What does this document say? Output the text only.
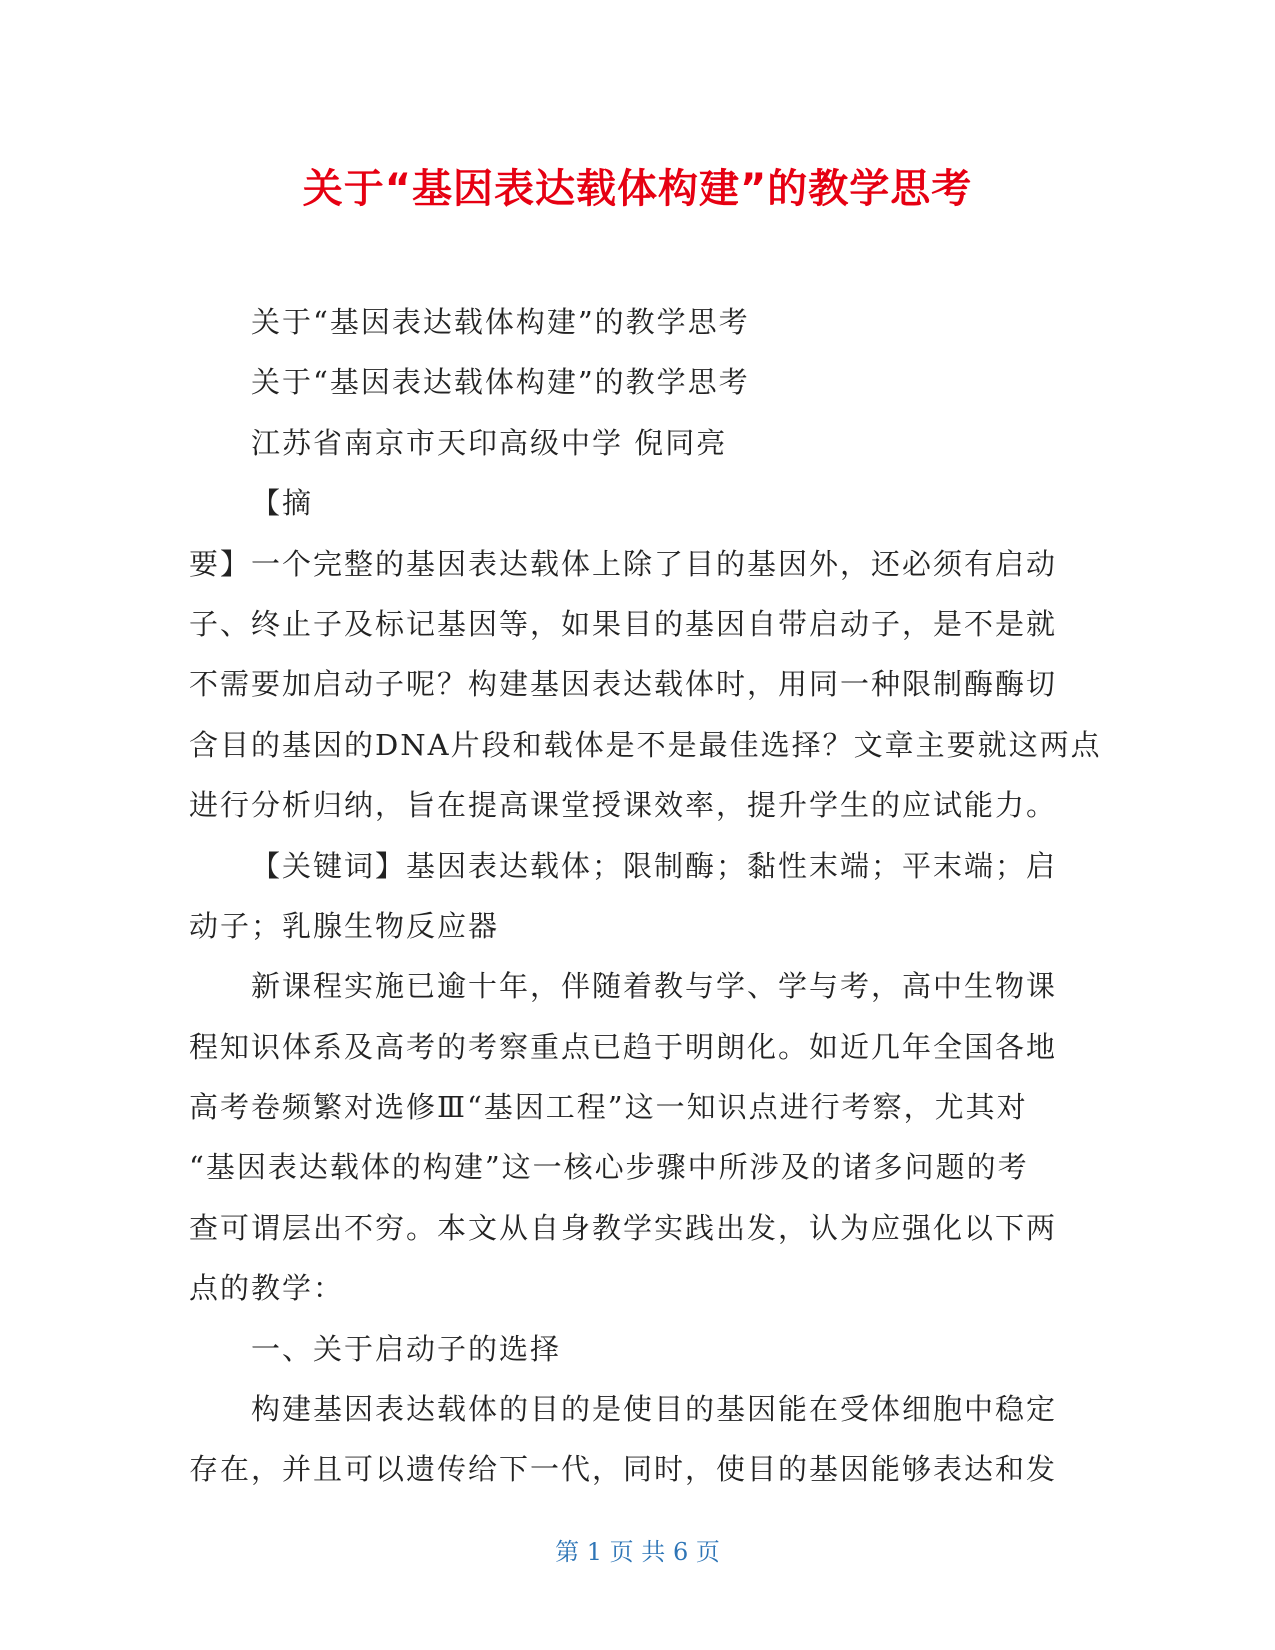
关于“基因表达载体构建”的教学思考
关于“基因表达载体构建”的教学思考
关于“基因表达载体构建”的教学思考
江苏省南京市天印高级中学 倪同亮
【摘
要】一个完整的基因表达载体上除了目的基因外，还必须有启动
子、终止子及标记基因等，如果目的基因自带启动子，是不是就
不需要加启动子呢？构建基因表达载体时，用同一种限制酶酶切
含目的基因的DNA片段和载体是不是最佳选择？文章主要就这两点
进行分析归纳，旨在提高课堂授课效率，提升学生的应试能力。
【关键词】基因表达载体；限制酶；黏性末端；平末端；启
动子；乳腺生物反应器
新课程实施已逾十年，伴随着教与学、学与考，高中生物课
程知识体系及高考的考察重点已趋于明朗化。如近几年全国各地
高考卷频繁对选修Ⅲ“基因工程”这一知识点进行考察，尤其对
“基因表达载体的构建”这一核心步骤中所涉及的诸多问题的考
查可谓层出不穷。本文从自身教学实践出发，认为应强化以下两
点的教学：
一、关于启动子的选择
构建基因表达载体的目的是使目的基因能在受体细胞中稳定
存在，并且可以遗传给下一代，同时，使目的基因能够表达和发
第 1 页 共 6 页
